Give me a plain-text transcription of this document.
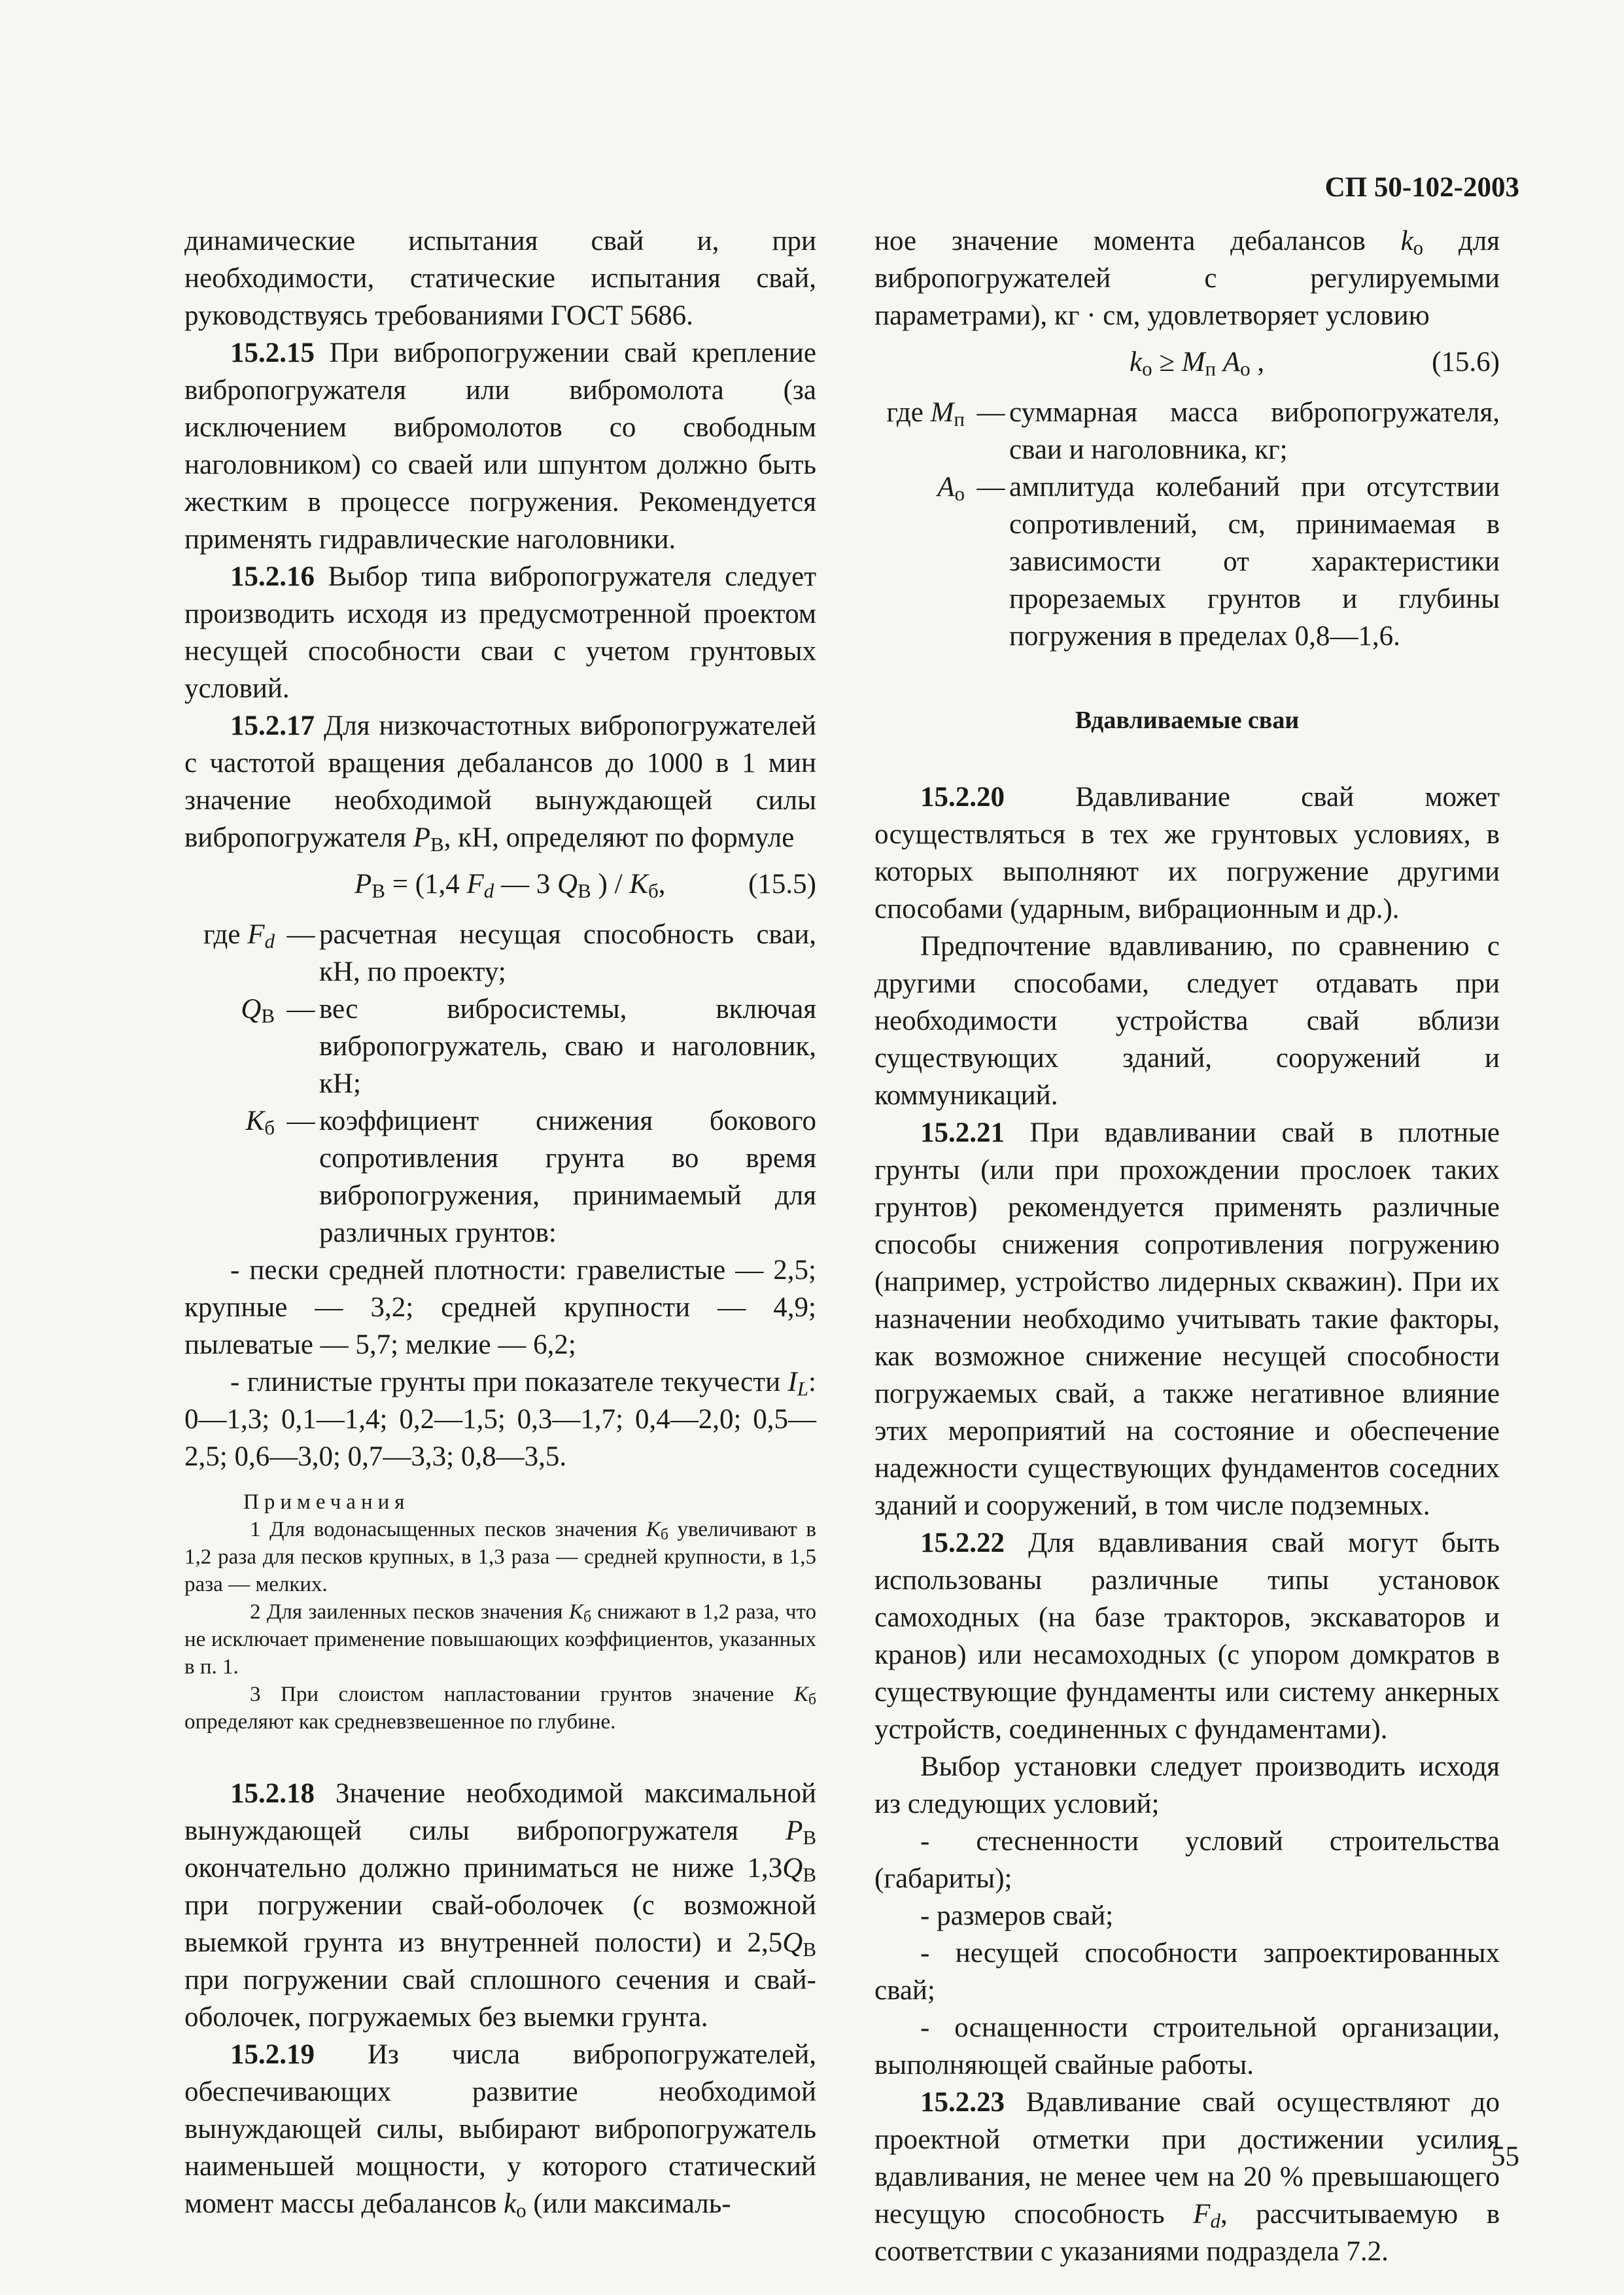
СП 50-102-2003

динамические испытания свай и, при необходимости, статические испытания свай, руководствуясь требованиями ГОСТ 5686.

15.2.15 При вибропогружении свай крепление вибропогружателя или вибромолота (за исключением вибромолотов со свободным наголовником) со сваей или шпунтом должно быть жестким в процессе погружения. Рекомендуется применять гидравлические наголовники.

15.2.16 Выбор типа вибропогружателя следует производить исходя из предусмотренной проектом несущей способности сваи с учетом грунтовых условий.

15.2.17 Для низкочастотных вибропогружателей с частотой вращения дебалансов до 1000 в 1 мин значение необходимой вынуждающей силы вибропогружателя $P_В$, кН, определяют по формуле

$P_В = (1,4$ $F_d$ — 3 $Q_В$ ) / $K_б$,	(15.5)
где $F_d$ — расчетная несущая способность сваи, кН, по проекту;
$Q_В$ — вес вибросистемы, включая вибропогружатель, сваю и наголовник, кН;
$K_б$ — коэффициент снижения бокового сопротивления грунта во время вибропогружения, принимаемый для различных грунтов:

- пески средней плотности: гравелистые — 2,5; крупные — 3,2; средней крупности — 4,9; пылеватые — 5,7; мелкие — 6,2;

- глинистые грунты при показателе текучести $I_L$: 0—1,3; 0,1—1,4; 0,2—1,5; 0,3—1,7; 0,4—2,0; 0,5—2,5; 0,6—3,0; 0,7—3,3; 0,8—3,5.

Примечания

1 Для водонасыщенных песков значения $K_б$ увеличивают в 1,2 раза для песков крупных, в 1,3 раза — средней крупности, в 1,5 раза — мелких.

2 Для заиленных песков значения $K_б$ снижают в 1,2 раза, что не исключает применение повышающих коэффициентов, указанных в п. 1.

3 При слоистом напластовании грунтов значение $K_б$ определяют как средневзвешенное по глубине.

15.2.18 Значение необходимой максимальной вынуждающей силы вибропогружателя $P_В$ окончательно должно приниматься не ниже $1,3Q_В$ при погружении свай-оболочек (с возможной выемкой грунта из внутренней полости) и $2,5Q_В$ при погружении свай сплошного сечения и свай-оболочек, погружаемых без выемки грунта.

15.2.19 Из числа вибропогружателей, обеспечивающих развитие необходимой вынуждающей силы, выбирают вибропогружатель наименьшей мощности, у которого статический момент массы дебалансов $k_о$ (или максималь-

ное значение момента дебалансов $k_о$ для вибропогружателей с регулируемыми параметрами), кг · см, удовлетворяет условию

$k_о \ge M_п$ $A_о$ ,	(15.6)
где $M_п$ — суммарная масса вибропогружателя, сваи и наголовника, кг;
$A_о$ — амплитуда колебаний при отсутствии сопротивлений, см, принимаемая в зависимости от характеристики прорезаемых грунтов и глубины погружения в пределах 0,8—1,6.
Вдавливаемые сваи

15.2.20 Вдавливание свай может осуществляться в тех же грунтовых условиях, в которых выполняют их погружение другими способами (ударным, вибрационным и др.).

Предпочтение вдавливанию, по сравнению с другими способами, следует отдавать при необходимости устройства свай вблизи существующих зданий, сооружений и коммуникаций.

15.2.21 При вдавливании свай в плотные грунты (или при прохождении прослоек таких грунтов) рекомендуется применять различные способы снижения сопротивления погружению (например, устройство лидерных скважин). При их назначении необходимо учитывать такие факторы, как возможное снижение несущей способности погружаемых свай, а также негативное влияние этих мероприятий на состояние и обеспечение надежности существующих фундаментов соседних зданий и сооружений, в том числе подземных.

15.2.22 Для вдавливания свай могут быть использованы различные типы установок самоходных (на базе тракторов, экскаваторов и кранов) или несамоходных (с упором домкратов в существующие фундаменты или систему анкерных устройств, соединенных с фундаментами).

Выбор установки следует производить исходя из следующих условий;

- стесненности условий строительства (габариты);

- размеров свай;

- несущей способности запроектированных свай;

- оснащенности строительной организации, выполняющей свайные работы.

15.2.23 Вдавливание свай осуществляют до проектной отметки при достижении усилия вдавливания, не менее чем на 20 % превышающего несущую способность $F_d$, рассчитываемую в соответствии с указаниями подраздела 7.2.

55
